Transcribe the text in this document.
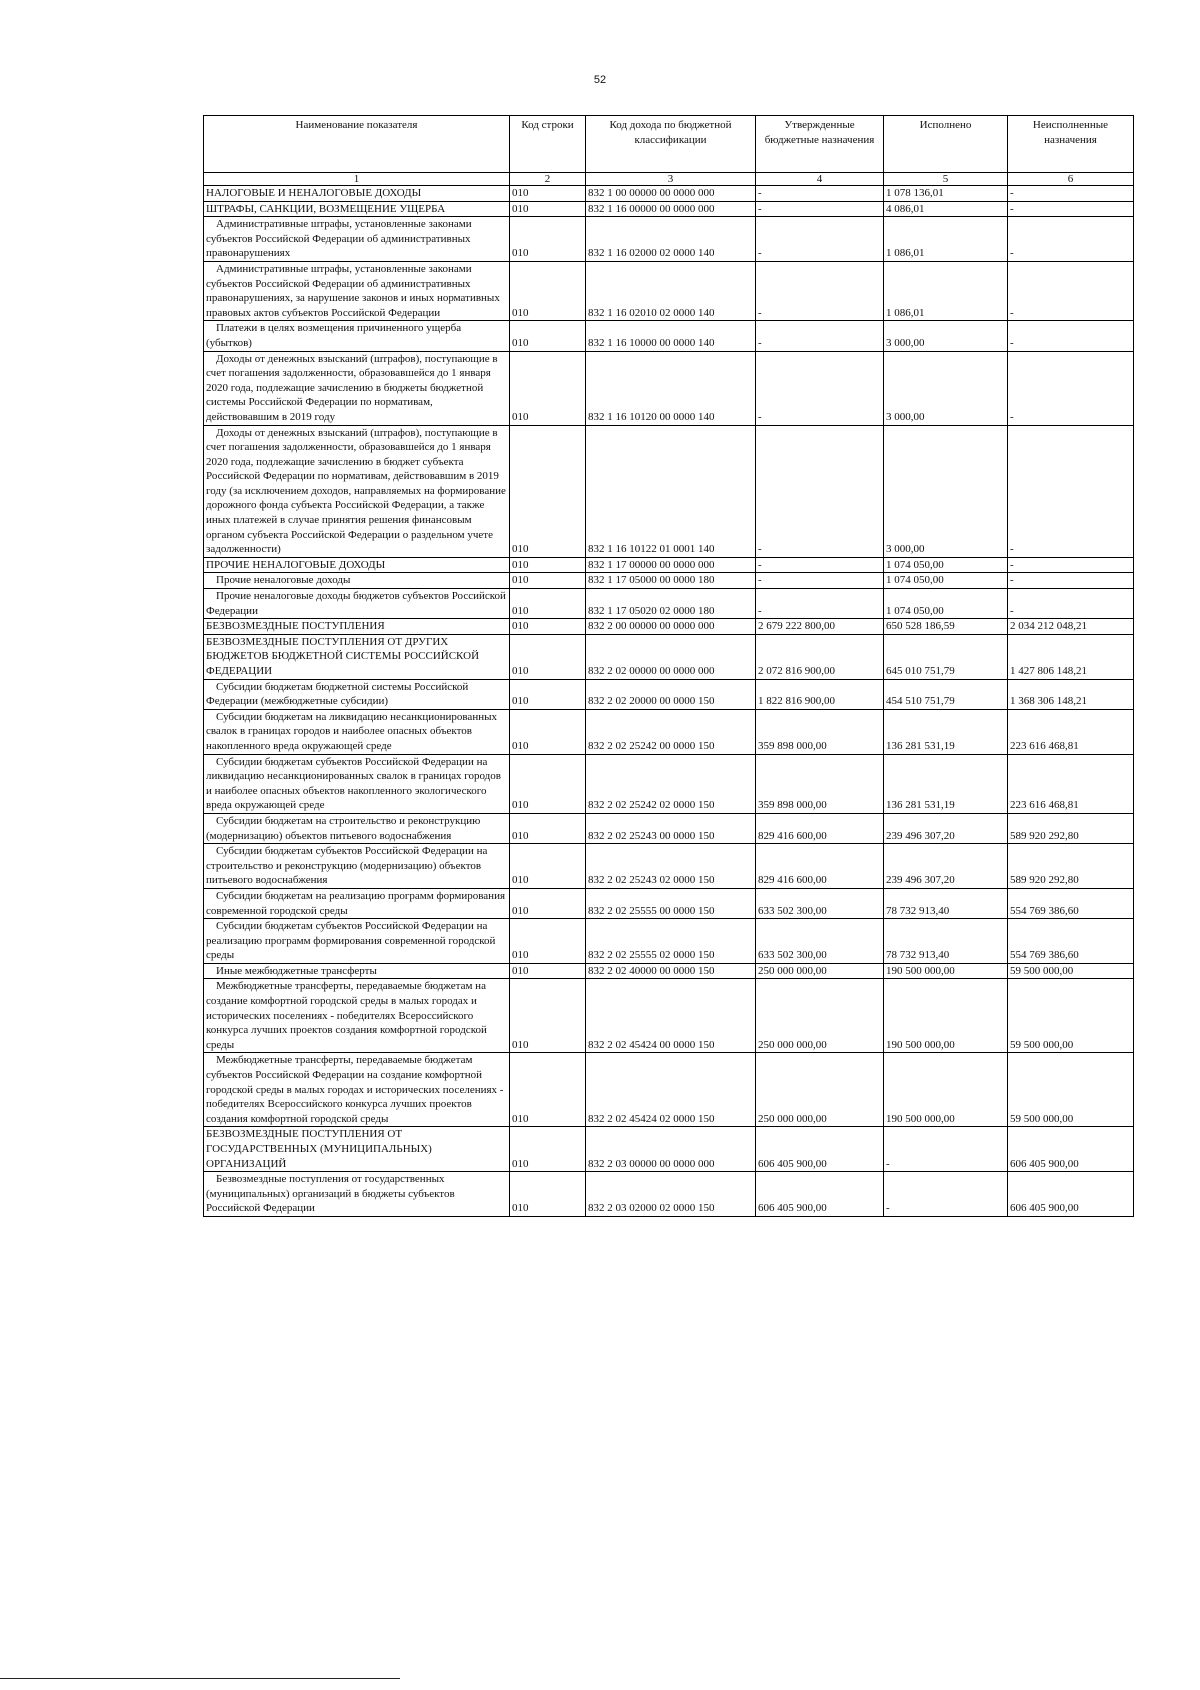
52
Наименование показателя	Код строки	Код дохода по бюджетной классификации	Утвержденные бюджетные назначения	Исполнено	Неисполненные назначения
1	2	3	4	5	6
НАЛОГОВЫЕ И НЕНАЛОГОВЫЕ ДОХОДЫ	010	832 1 00 00000 00 0000 000	-	1 078 136,01	-
ШТРАФЫ, САНКЦИИ, ВОЗМЕЩЕНИЕ УЩЕРБА	010	832 1 16 00000 00 0000 000	-	4 086,01	-
Административные штрафы, установленные законами субъектов Российской Федерации об административных правонарушениях	010	832 1 16 02000 02 0000 140	-	1 086,01	-
Административные штрафы, установленные законами субъектов Российской Федерации об административных правонарушениях, за нарушение законов и иных нормативных правовых актов субъектов Российской Федерации	010	832 1 16 02010 02 0000 140	-	1 086,01	-
Платежи в целях возмещения причиненного ущерба (убытков)	010	832 1 16 10000 00 0000 140	-	3 000,00	-
Доходы от денежных взысканий (штрафов), поступающие в счет погашения задолженности, образовавшейся до 1 января 2020 года, подлежащие зачислению в бюджеты бюджетной системы Российской Федерации по нормативам, действовавшим в 2019 году	010	832 1 16 10120 00 0000 140	-	3 000,00	-
Доходы от денежных взысканий (штрафов), поступающие в счет погашения задолженности, образовавшейся до 1 января 2020 года, подлежащие зачислению в бюджет субъекта Российской Федерации по нормативам, действовавшим в 2019 году (за исключением доходов, направляемых на формирование дорожного фонда субъекта Российской Федерации, а также иных платежей в случае принятия решения финансовым органом субъекта Российской Федерации о раздельном учете задолженности)	010	832 1 16 10122 01 0001 140	-	3 000,00	-
ПРОЧИЕ НЕНАЛОГОВЫЕ ДОХОДЫ	010	832 1 17 00000 00 0000 000	-	1 074 050,00	-
Прочие неналоговые доходы	010	832 1 17 05000 00 0000 180	-	1 074 050,00	-
Прочие неналоговые доходы бюджетов субъектов Российской Федерации	010	832 1 17 05020 02 0000 180	-	1 074 050,00	-
БЕЗВОЗМЕЗДНЫЕ ПОСТУПЛЕНИЯ	010	832 2 00 00000 00 0000 000	2 679 222 800,00	650 528 186,59	2 034 212 048,21
БЕЗВОЗМЕЗДНЫЕ ПОСТУПЛЕНИЯ ОТ ДРУГИХ БЮДЖЕТОВ БЮДЖЕТНОЙ СИСТЕМЫ РОССИЙСКОЙ ФЕДЕРАЦИИ	010	832 2 02 00000 00 0000 000	2 072 816 900,00	645 010 751,79	1 427 806 148,21
Субсидии бюджетам бюджетной системы Российской Федерации (межбюджетные субсидии)	010	832 2 02 20000 00 0000 150	1 822 816 900,00	454 510 751,79	1 368 306 148,21
Субсидии бюджетам на ликвидацию несанкционированных свалок в границах городов и наиболее опасных объектов накопленного вреда окружающей среде	010	832 2 02 25242 00 0000 150	359 898 000,00	136 281 531,19	223 616 468,81
Субсидии бюджетам субъектов Российской Федерации на ликвидацию несанкционированных свалок в границах городов и наиболее опасных объектов накопленного экологического вреда окружающей среде	010	832 2 02 25242 02 0000 150	359 898 000,00	136 281 531,19	223 616 468,81
Субсидии бюджетам на строительство и реконструкцию (модернизацию) объектов питьевого водоснабжения	010	832 2 02 25243 00 0000 150	829 416 600,00	239 496 307,20	589 920 292,80
Субсидии бюджетам субъектов Российской Федерации на строительство и реконструкцию (модернизацию) объектов питьевого водоснабжения	010	832 2 02 25243 02 0000 150	829 416 600,00	239 496 307,20	589 920 292,80
Субсидии бюджетам на реализацию программ формирования современной городской среды	010	832 2 02 25555 00 0000 150	633 502 300,00	78 732 913,40	554 769 386,60
Субсидии бюджетам субъектов Российской Федерации на реализацию программ формирования современной городской среды	010	832 2 02 25555 02 0000 150	633 502 300,00	78 732 913,40	554 769 386,60
Иные межбюджетные трансферты	010	832 2 02 40000 00 0000 150	250 000 000,00	190 500 000,00	59 500 000,00
Межбюджетные трансферты, передаваемые бюджетам на создание комфортной городской среды в малых городах и исторических поселениях - победителях Всероссийского конкурса лучших проектов создания комфортной городской среды	010	832 2 02 45424 00 0000 150	250 000 000,00	190 500 000,00	59 500 000,00
Межбюджетные трансферты, передаваемые бюджетам субъектов Российской Федерации на создание комфортной городской среды в малых городах и исторических поселениях - победителях Всероссийского конкурса лучших проектов создания комфортной городской среды	010	832 2 02 45424 02 0000 150	250 000 000,00	190 500 000,00	59 500 000,00
БЕЗВОЗМЕЗДНЫЕ ПОСТУПЛЕНИЯ ОТ ГОСУДАРСТВЕННЫХ (МУНИЦИПАЛЬНЫХ) ОРГАНИЗАЦИЙ	010	832 2 03 00000 00 0000 000	606 405 900,00	-	606 405 900,00
Безвозмездные поступления от государственных (муниципальных) организаций в бюджеты субъектов Российской Федерации	010	832 2 03 02000 02 0000 150	606 405 900,00	-	606 405 900,00
